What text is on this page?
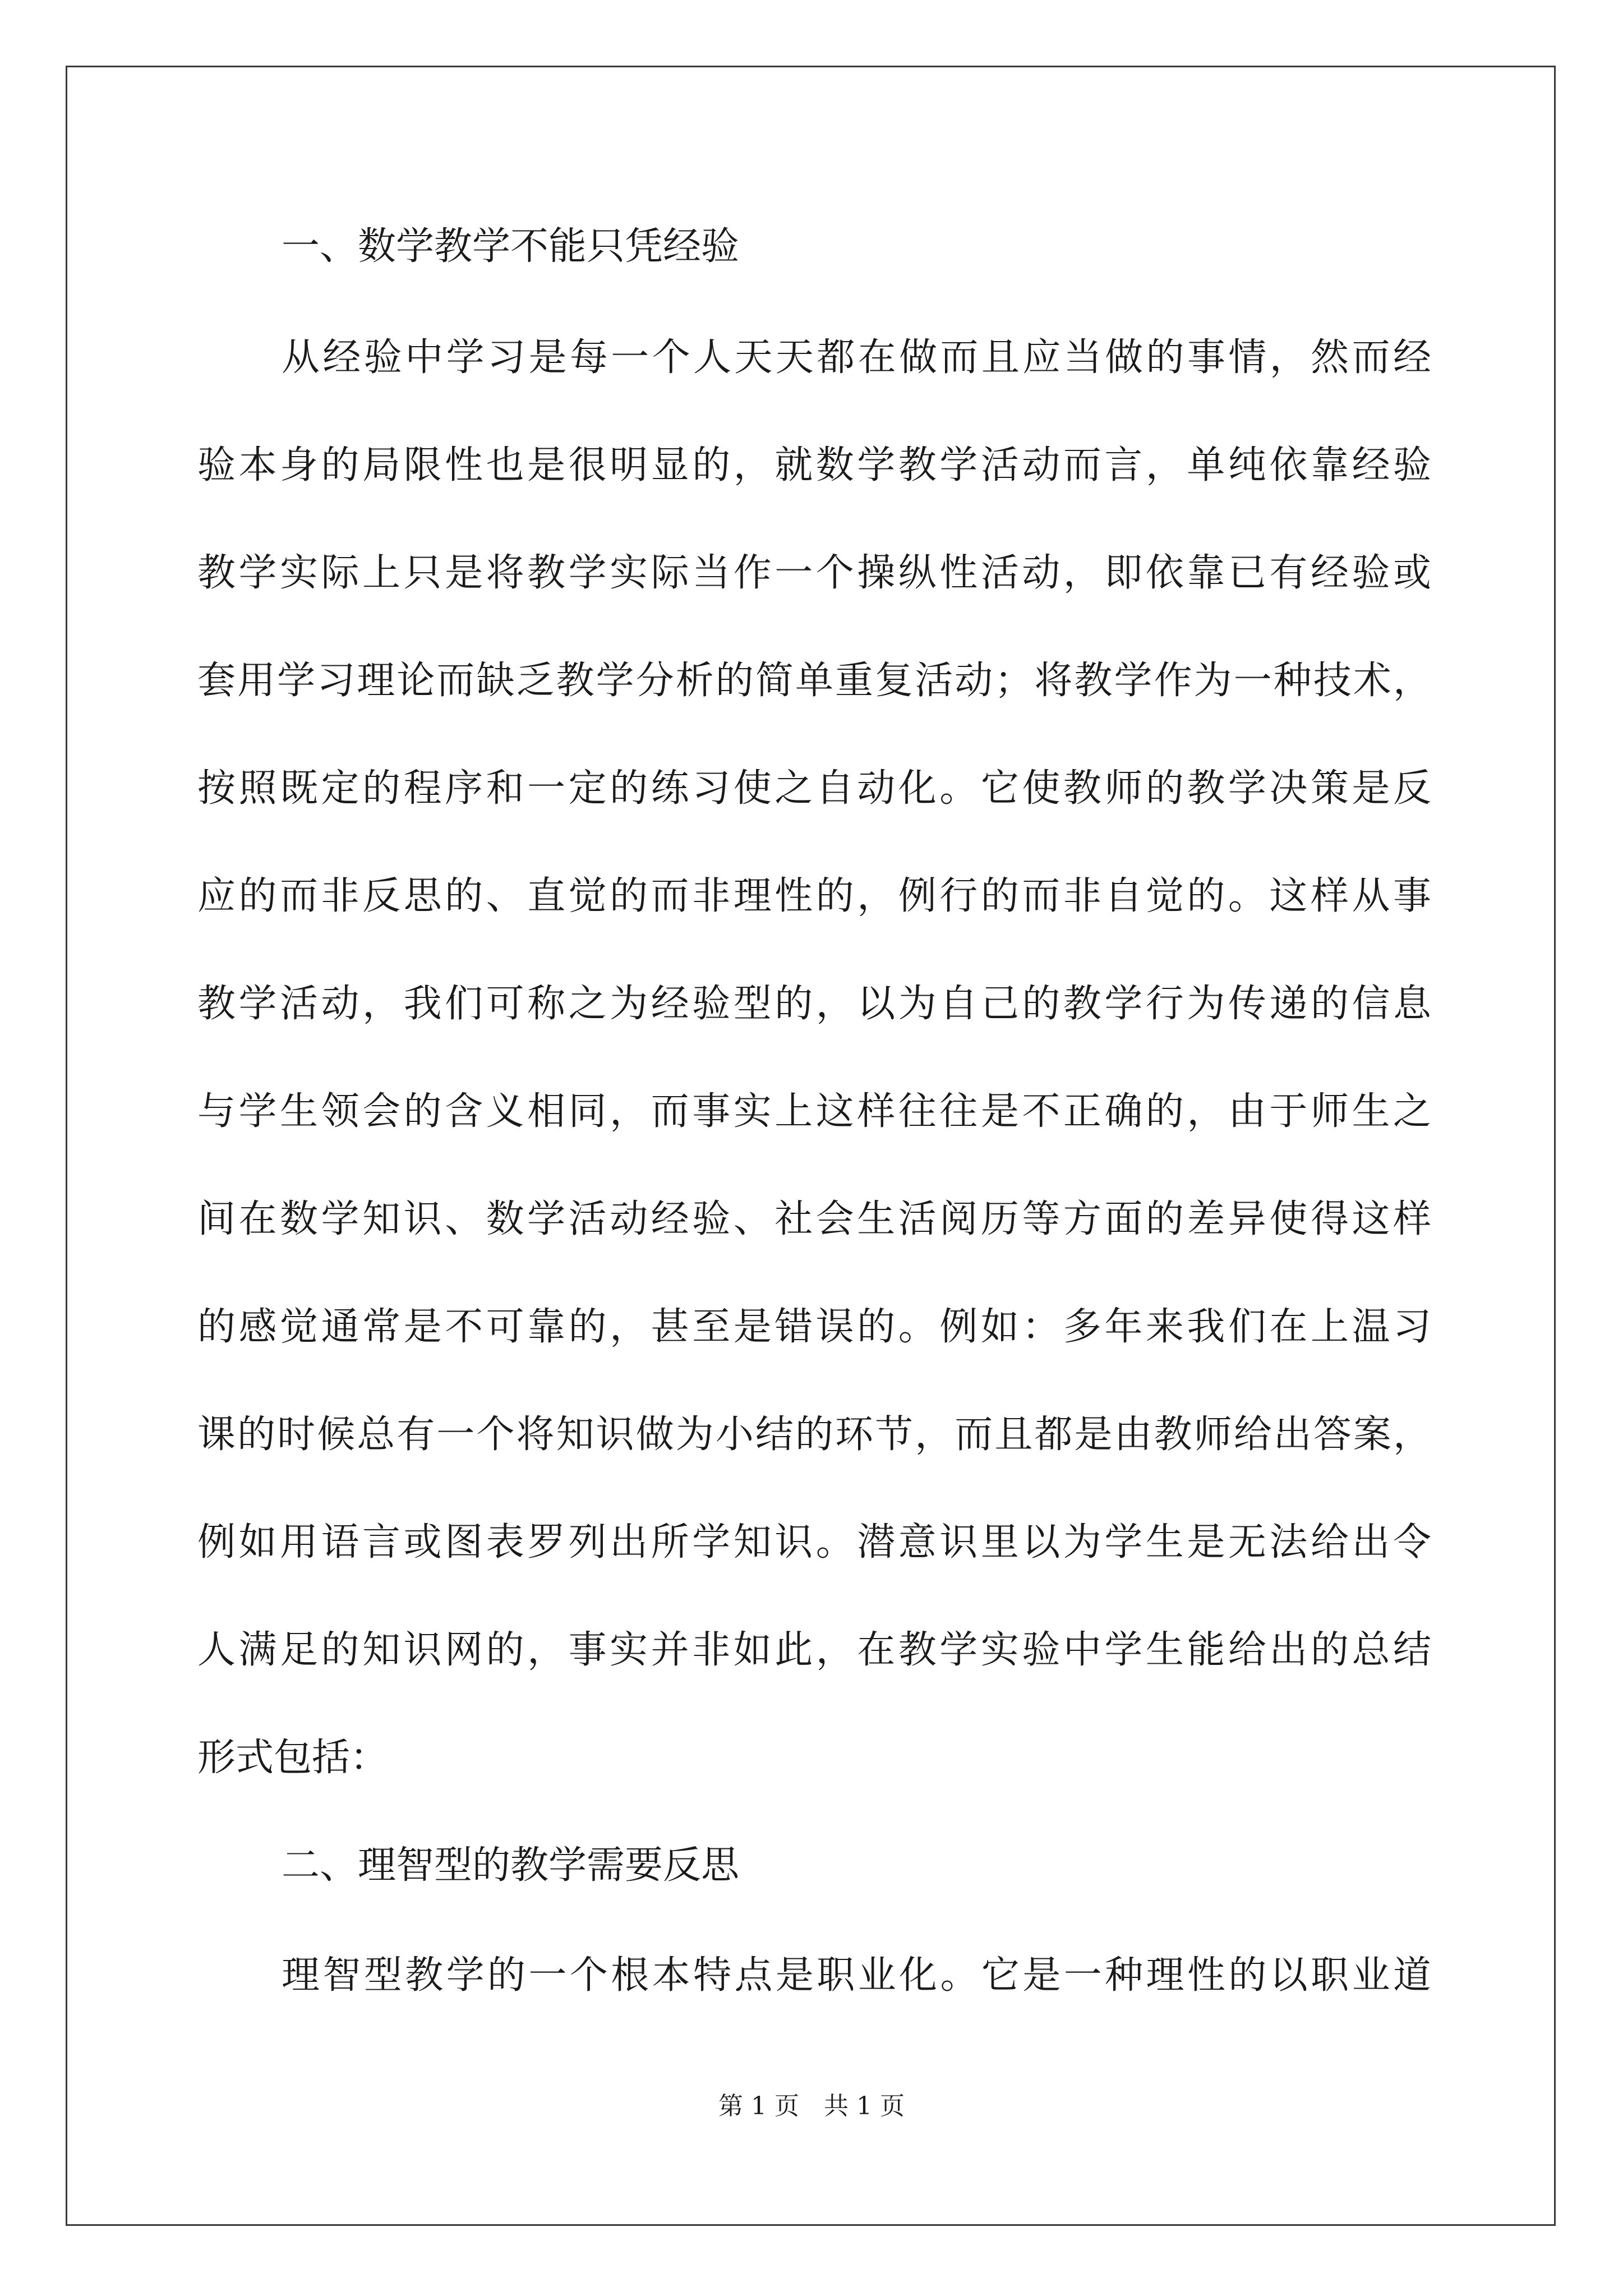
一、数学教学不能只凭经验

从经验中学习是每一个人天天都在做而且应当做的事情，然而经

验本身的局限性也是很明显的，就数学教学活动而言，单纯依靠经验

教学实际上只是将教学实际当作一个操纵性活动，即依靠已有经验或

套用学习理论而缺乏教学分析的简单重复活动；将教学作为一种技术，

按照既定的程序和一定的练习使之自动化。它使教师的教学决策是反

应的而非反思的、直觉的而非理性的，例行的而非自觉的。这样从事

教学活动，我们可称之为经验型的，以为自己的教学行为传递的信息

与学生领会的含义相同，而事实上这样往往是不正确的，由于师生之

间在数学知识、数学活动经验、社会生活阅历等方面的差异使得这样

的感觉通常是不可靠的，甚至是错误的。例如：多年来我们在上温习

课的时候总有一个将知识做为小结的环节，而且都是由教师给出答案，

例如用语言或图表罗列出所学知识。潜意识里以为学生是无法给出令

人满足的知识网的，事实并非如此，在教学实验中学生能给出的总结

形式包括：

二、理智型的教学需要反思

理智型教学的一个根本特点是职业化。它是一种理性的以职业道

第 1 页　共 1 页
